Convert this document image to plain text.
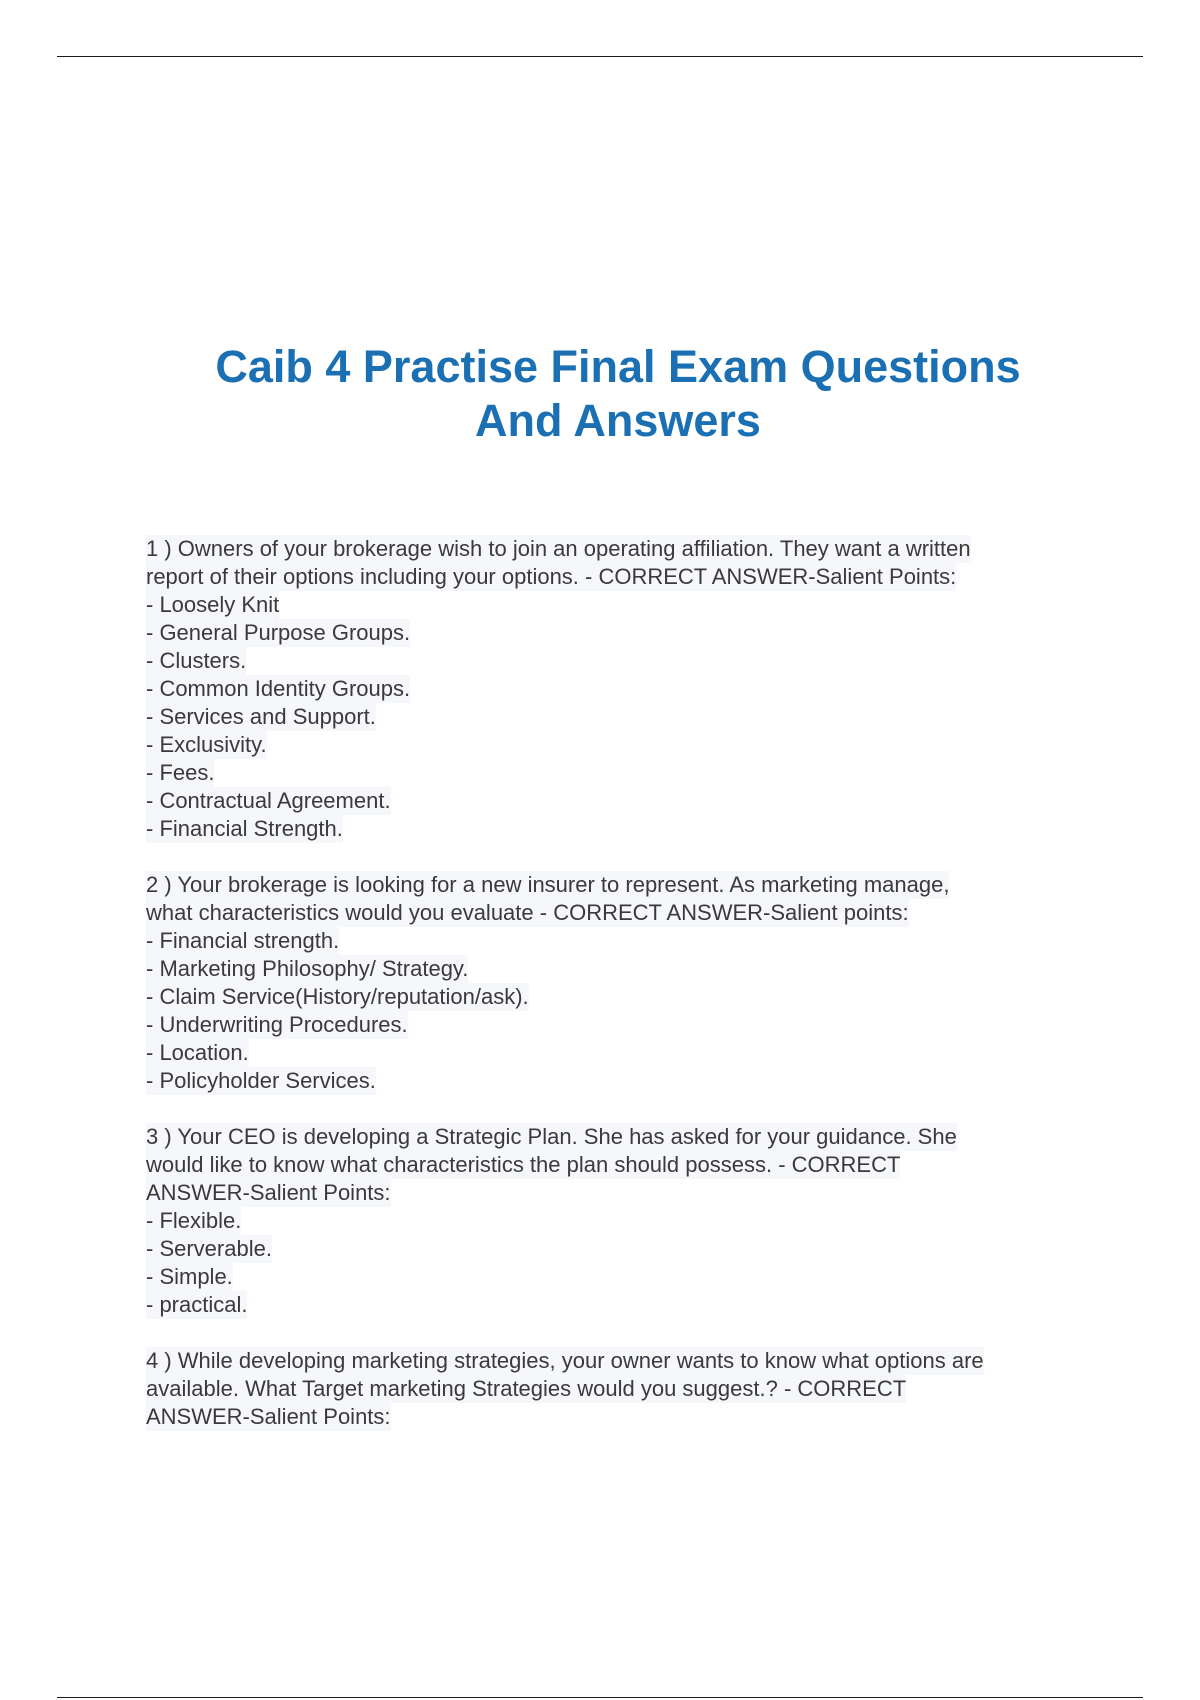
Caib 4 Practise Final Exam Questions
And Answers
1 ) Owners of your brokerage wish to join an operating affiliation. They want a written
report of their options including your options. - CORRECT ANSWER-Salient Points:
- Loosely Knit
- General Purpose Groups.
- Clusters.
- Common Identity Groups.
- Services and Support.
- Exclusivity.
- Fees.
- Contractual Agreement.
- Financial Strength.
2 ) Your brokerage is looking for a new insurer to represent. As marketing manage,
what characteristics would you evaluate - CORRECT ANSWER-Salient points:
- Financial strength.
- Marketing Philosophy/ Strategy.
- Claim Service(History/reputation/ask).
- Underwriting Procedures.
- Location.
- Policyholder Services.
3 ) Your CEO is developing a Strategic Plan. She has asked for your guidance. She
would like to know what characteristics the plan should possess. - CORRECT
ANSWER-Salient Points:
- Flexible.
- Serverable.
- Simple.
- practical.
4 ) While developing marketing strategies, your owner wants to know what options are
available. What Target marketing Strategies would you suggest.? - CORRECT
ANSWER-Salient Points:
